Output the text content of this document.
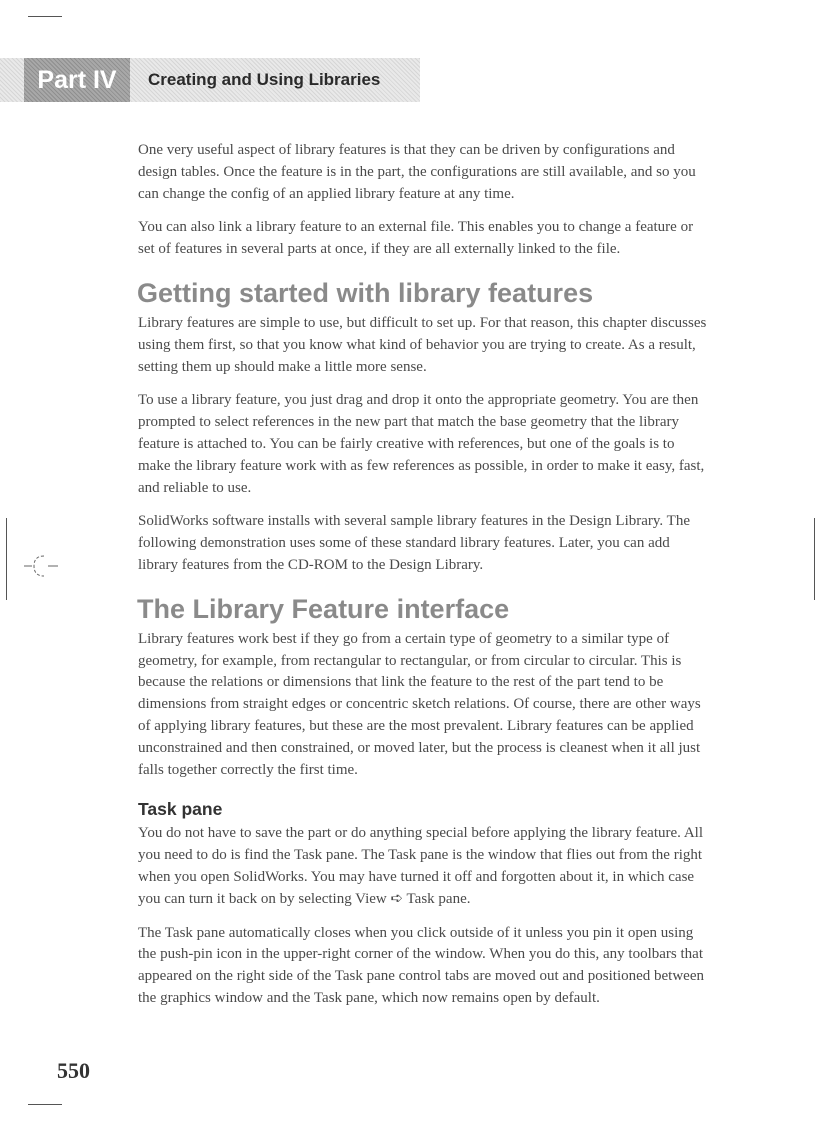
Part IV	Creating and Using Libraries

One very useful aspect of library features is that they can be driven by configurations and design tables. Once the feature is in the part, the configurations are still available, and so you can change the config of an applied library feature at any time.

You can also link a library feature to an external file. This enables you to change a feature or set of features in several parts at once, if they are all externally linked to the file.

Getting started with library features

Library features are simple to use, but difficult to set up. For that reason, this chapter discusses using them first, so that you know what kind of behavior you are trying to create. As a result, setting them up should make a little more sense.

To use a library feature, you just drag and drop it onto the appropriate geometry. You are then prompted to select references in the new part that match the base geometry that the library feature is attached to. You can be fairly creative with references, but one of the goals is to make the library feature work with as few references as possible, in order to make it easy, fast, and reliable to use.

SolidWorks software installs with several sample library features in the Design Library. The following demonstration uses some of these standard library features. Later, you can add library features from the CD-ROM to the Design Library.

The Library Feature interface

Library features work best if they go from a certain type of geometry to a similar type of geometry, for example, from rectangular to rectangular, or from circular to circular. This is because the relations or dimensions that link the feature to the rest of the part tend to be dimensions from straight edges or concentric sketch relations. Of course, there are other ways of applying library features, but these are the most prevalent. Library features can be applied unconstrained and then constrained, or moved later, but the process is cleanest when it all just falls together correctly the first time.

Task pane

You do not have to save the part or do anything special before applying the library feature. All you need to do is find the Task pane. The Task pane is the window that flies out from the right when you open SolidWorks. You may have turned it off and forgotten about it, in which case you can turn it back on by selecting View ➪ Task pane.

The Task pane automatically closes when you click outside of it unless you pin it open using the push-pin icon in the upper-right corner of the window. When you do this, any toolbars that appeared on the right side of the Task pane control tabs are moved out and positioned between the graphics window and the Task pane, which now remains open by default.

550
